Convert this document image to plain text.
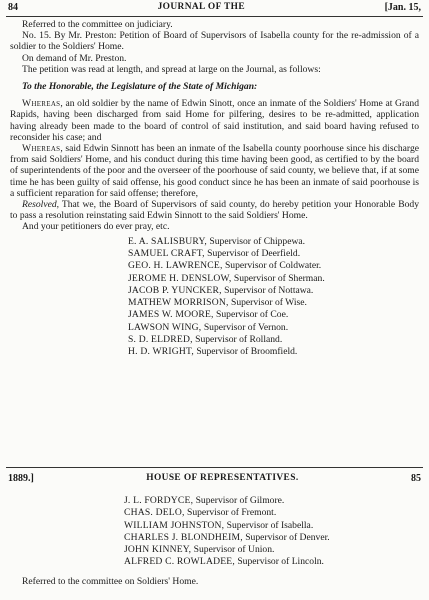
84	JOURNAL OF THE	[Jan. 15,

Referred to the committee on judiciary.

No. 15. By Mr. Preston: Petition of Board of Supervisors of Isabella county for the re-admission of a soldier to the Soldiers' Home.

On demand of Mr. Preston.

The petition was read at length, and spread at large on the Journal, as follows:

To the Honorable, the Legislature of the State of Michigan:

Whereas, an old soldier by the name of Edwin Sinott, once an inmate of the Soldiers' Home at Grand Rapids, having been discharged from said Home for pilfering, desires to be re-admitted, application having already been made to the board of control of said institution, and said board having refused to reconsider his case; and

Whereas, said Edwin Sinnott has been an inmate of the Isabella county poorhouse since his discharge from said Soldiers' Home, and his conduct during this time having been good, as certified to by the board of superintendents of the poor and the overseer of the poorhouse of said county, we believe that, if at some time he has been guilty of said offense, his good conduct since he has been an inmate of said poorhouse is a sufficient reparation for said offense; therefore,

Resolved, That we, the Board of Supervisors of said county, do hereby petition your Honorable Body to pass a resolution reinstating said Edwin Sinnott to the said Soldiers' Home.

And your petitioners do ever pray, etc.

E. A. SALISBURY, Supervisor of Chippewa.
SAMUEL CRAFT, Supervisor of Deerfield.
GEO. H. LAWRENCE, Supervisor of Coldwater.
JEROME H. DENSLOW, Supervisor of Sherman.
JACOB P. YUNCKER, Supervisor of Nottawa.
MATHEW MORRISON, Supervisor of Wise.
JAMES W. MOORE, Supervisor of Coe.
LAWSON WING, Supervisor of Vernon.
S. D. ELDRED, Supervisor of Rolland.
H. D. WRIGHT, Supervisor of Broomfield.
1889.]	HOUSE OF REPRESENTATIVES.	85
J. L. FORDYCE, Supervisor of Gilmore.
CHAS. DELO, Supervisor of Fremont.
WILLIAM JOHNSTON, Supervisor of Isabella.
CHARLES J. BLONDHEIM, Supervisor of Denver.
JOHN KINNEY, Supervisor of Union.
ALFRED C. ROWLADEE, Supervisor of Lincoln.

Referred to the committee on Soldiers' Home.
